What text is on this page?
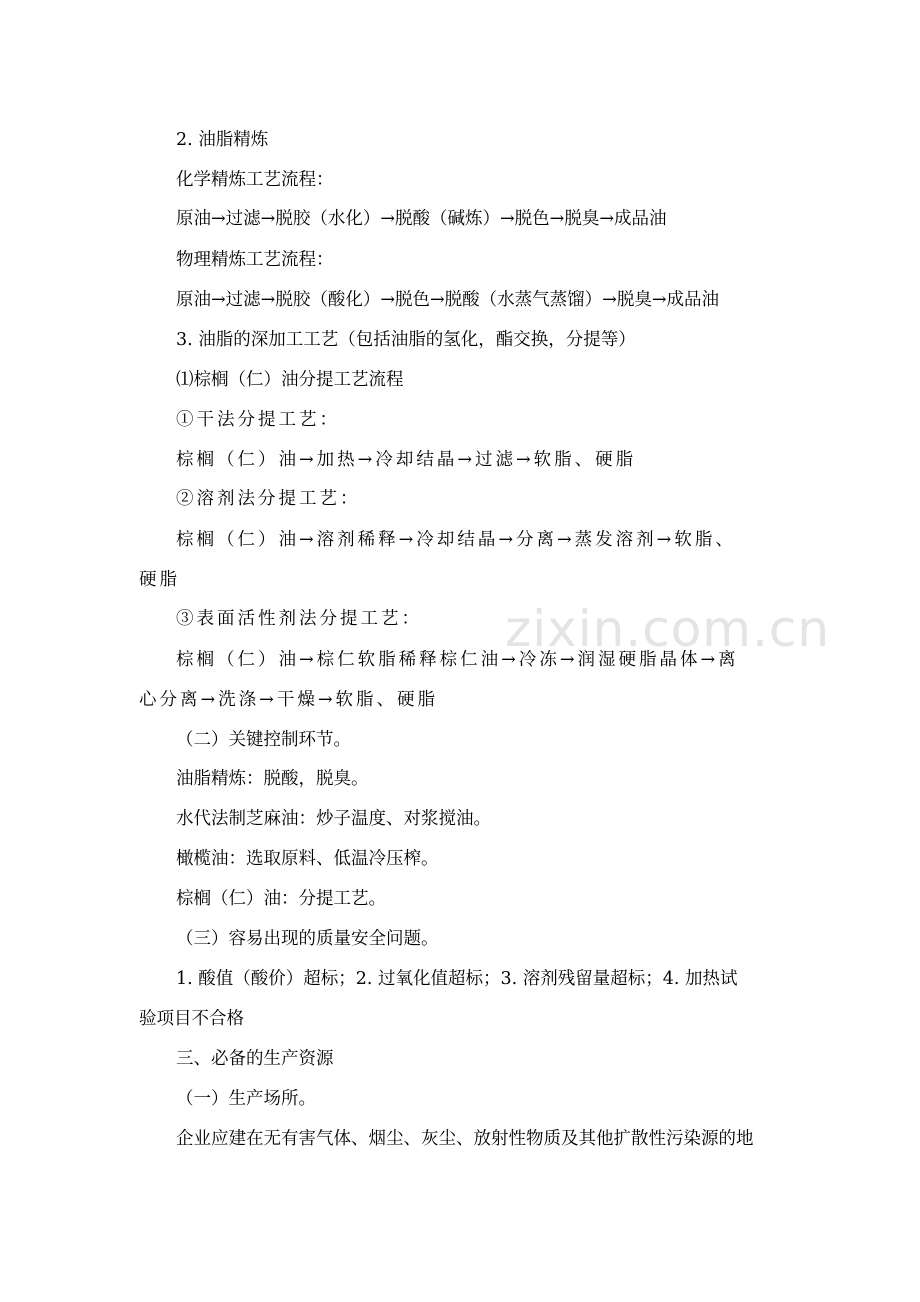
2. 油脂精炼
化学精炼工艺流程：
原油→过滤→脱胶（水化）→脱酸（碱炼）→脱色→脱臭→成品油
物理精炼工艺流程：
原油→过滤→脱胶（酸化）→脱色→脱酸（水蒸气蒸馏）→脱臭→成品油
3. 油脂的深加工工艺（包括油脂的氢化，酯交换，分提等）
⑴棕榈（仁）油分提工艺流程
①干法分提工艺：
棕榈（仁）油→加热→冷却结晶→过滤→软脂、硬脂
②溶剂法分提工艺：
棕榈（仁）油→溶剂稀释→冷却结晶→分离→蒸发溶剂→软脂、
硬脂
③表面活性剂法分提工艺：
棕榈（仁）油→棕仁软脂稀释棕仁油→冷冻→润湿硬脂晶体→离
心分离→洗涤→干燥→软脂、硬脂
（二）关键控制环节。
油脂精炼：脱酸，脱臭。
水代法制芝麻油：炒子温度、对浆搅油。
橄榄油：选取原料、低温冷压榨。
棕榈（仁）油：分提工艺。
（三）容易出现的质量安全问题。
1. 酸值（酸价）超标；2. 过氧化值超标；3. 溶剂残留量超标；4. 加热试
验项目不合格
三、必备的生产资源
（一）生产场所。
企业应建在无有害气体、烟尘、灰尘、放射性物质及其他扩散性污染源的地
zixin.com.cn
